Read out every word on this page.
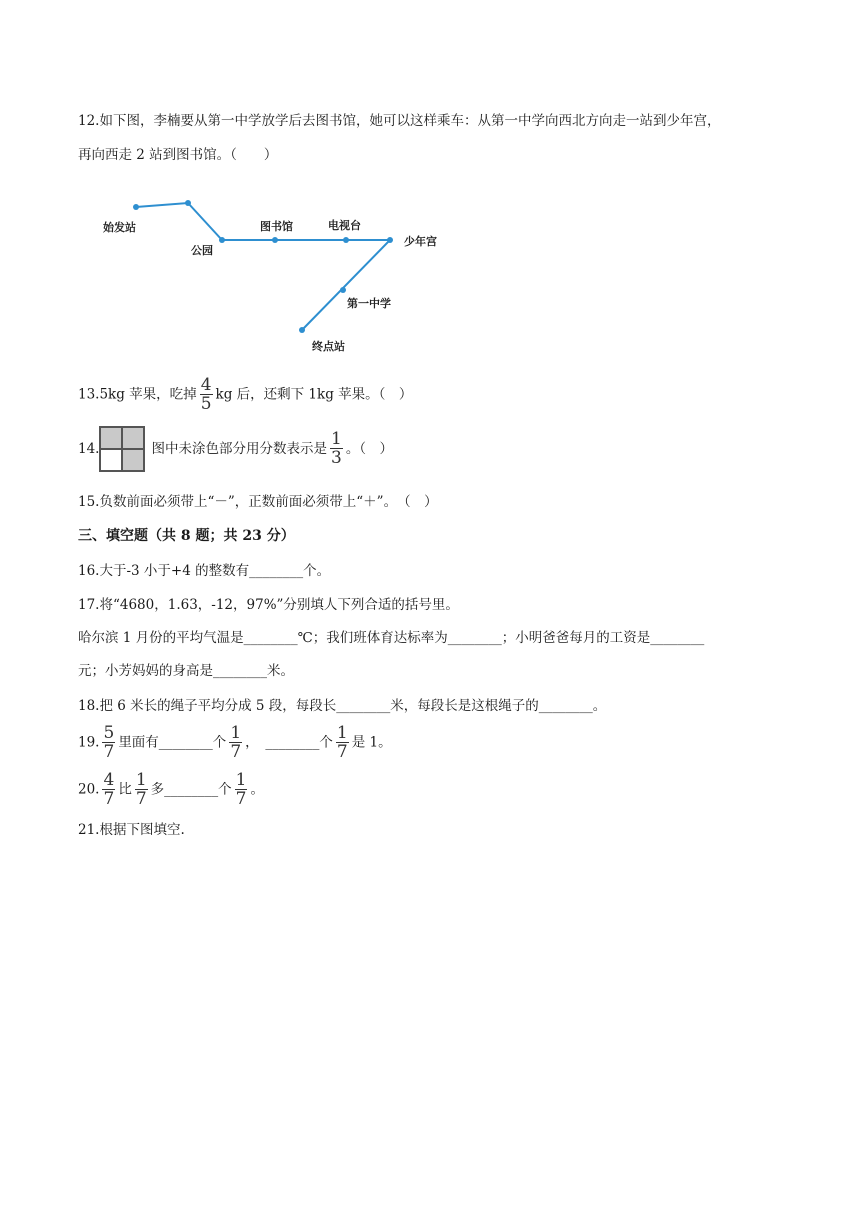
12.如下图，李楠要从第一中学放学后去图书馆，她可以这样乘车：从第一中学向西北方向走一站到少年宫，
再向西走 2 站到图书馆。（　　）
始发站
公园
图书馆	电视台
少年宫
第一中学
终点站
13.5kg 苹果，吃掉 $\frac{4}{5}$ kg 后，还剩下 1kg 苹果。（　）
14.	图中未涂色部分用分数表示是 $\frac{1}{3}$ 。（　）
15.负数前面必须带上“－”，正数前面必须带上“＋”。　（　）
三、填空题（共 8 题；共 23 分）
16.大于-3 小于+4 的整数有________个。
17.将“4680，1.63，-12，97%”分别填人下列合适的括号里。
哈尔滨 1 月份的平均气温是________℃；我们班体育达标率为________；小明爸爸每月的工资是________
元；小芳妈妈的身高是________米。
18.把 6 米长的绳子平均分成 5 段，每段长________米，每段长是这根绳子的________。
19. $\frac{5}{7}$ 里面有________个 $\frac{1}{7}$ ，　________个 $\frac{1}{7}$ 是 1。
20. $\frac{4}{7}$ 比 $\frac{1}{7}$ 多________个 $\frac{1}{7}$ 。
21.根据下图填空.
